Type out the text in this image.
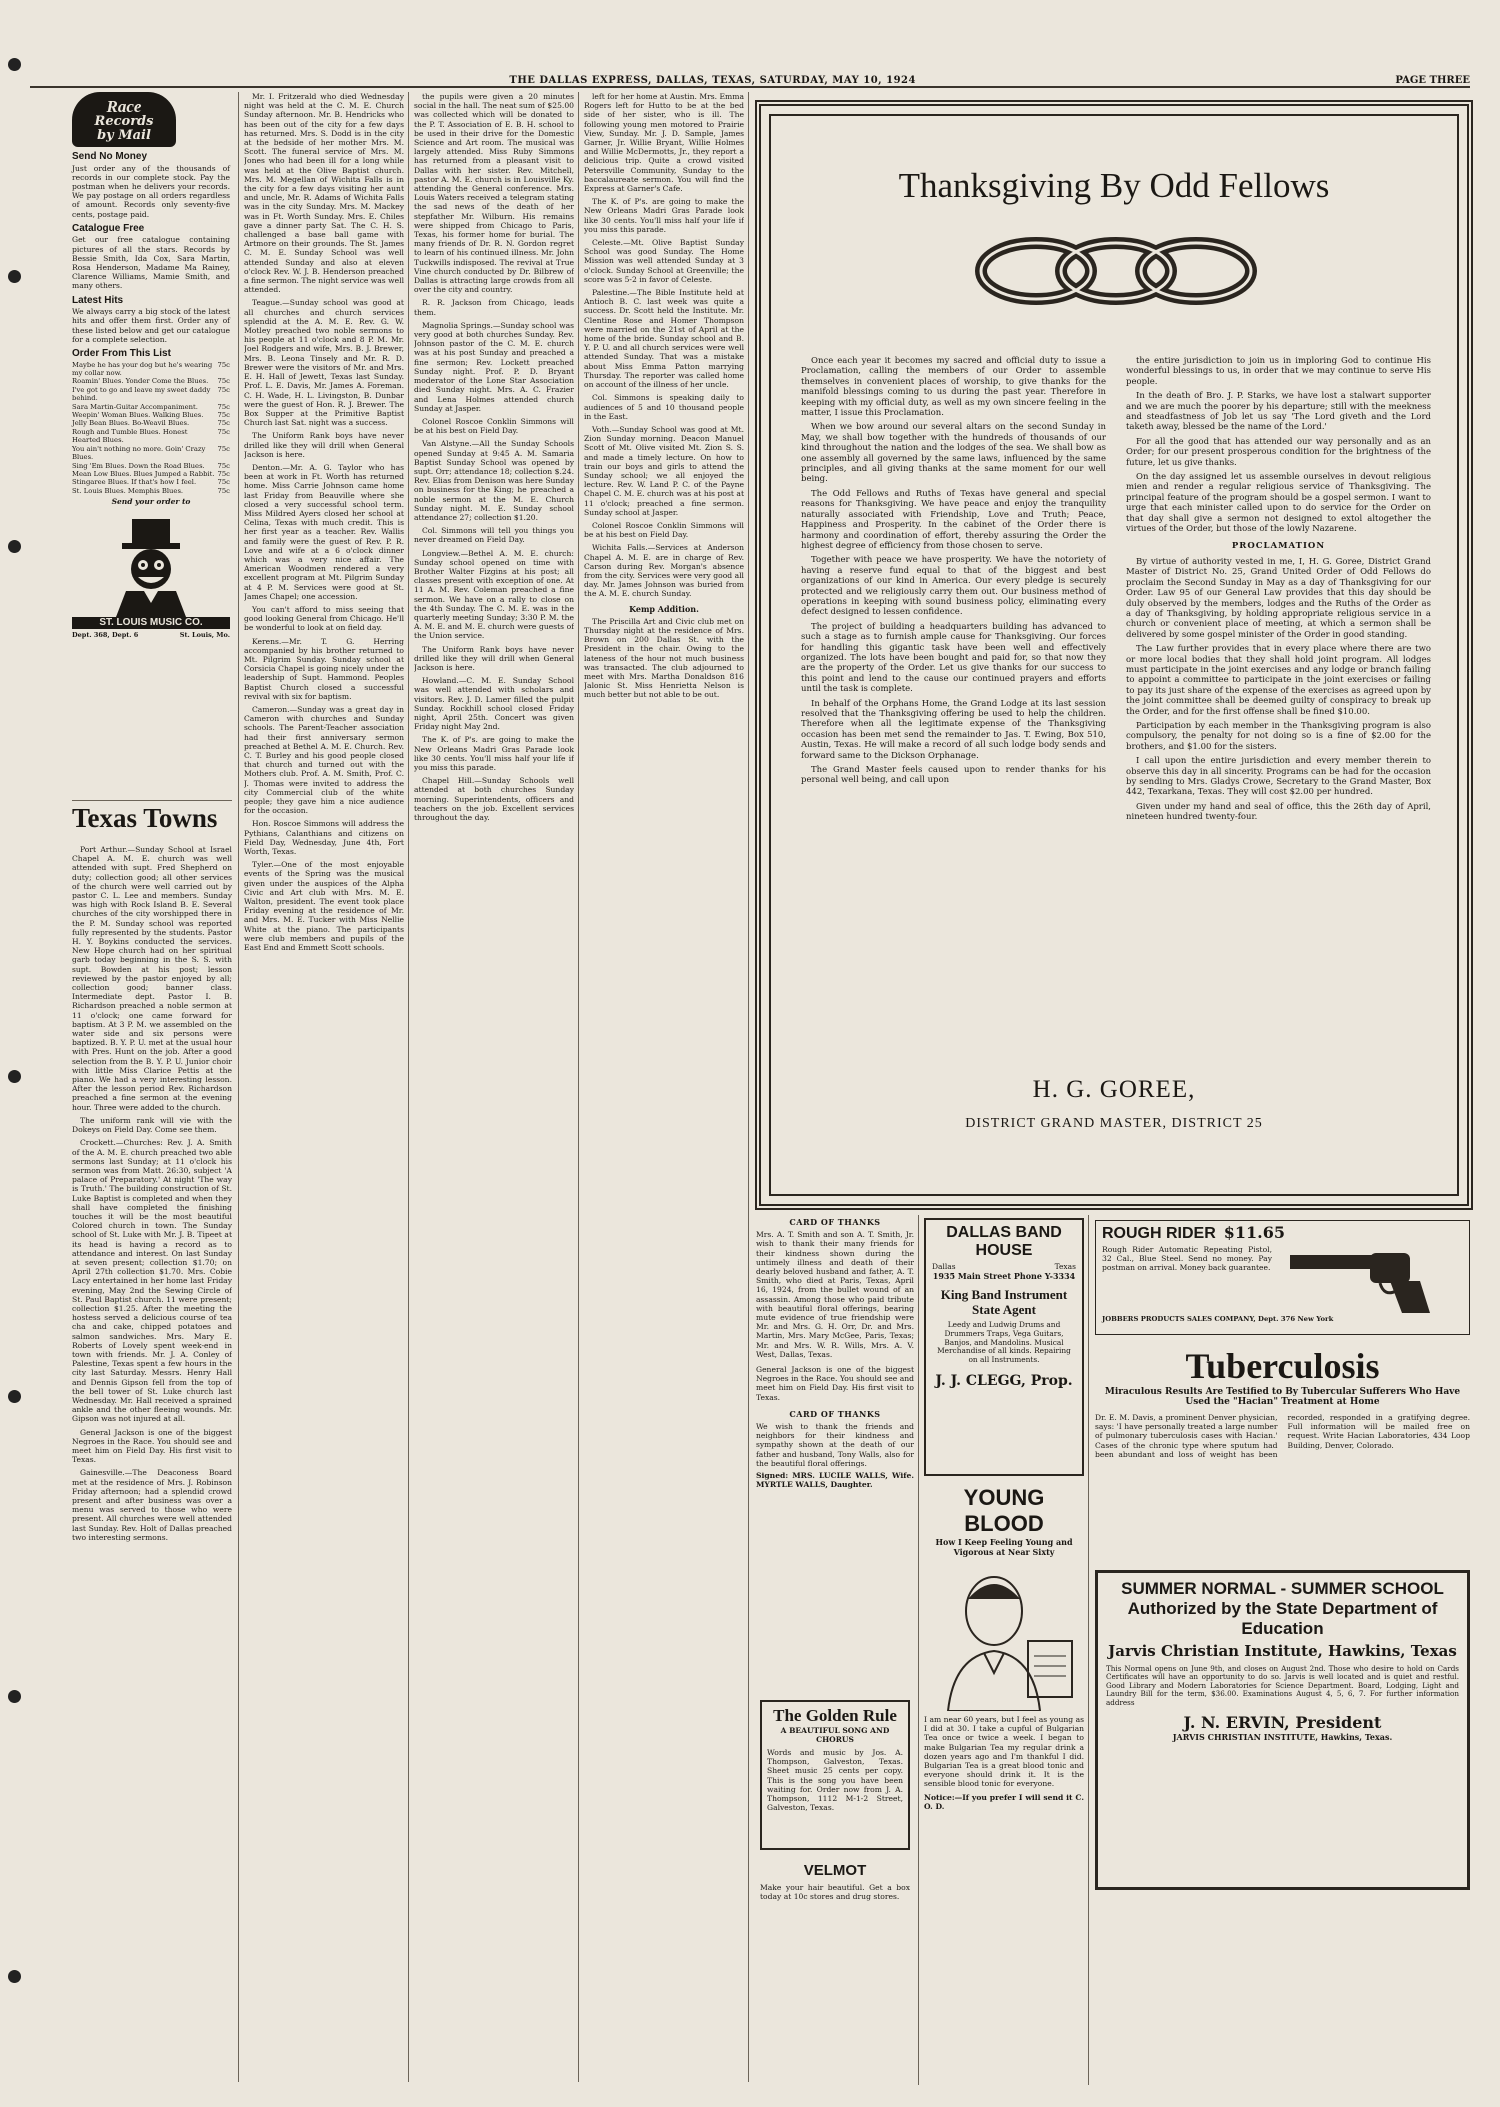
THE DALLAS EXPRESS, DALLAS, TEXAS, SATURDAY, MAY 10, 1924	PAGE THREE
Race
Records
by Mail
Send No Money
Just order any of the thousands of records in our complete stock. Pay the postman when he delivers your records. We pay postage on all orders regardless of amount. Records only seventy-five cents, postage paid.
Catalogue Free
Get our free catalogue containing pictures of all the stars. Records by Bessie Smith, Ida Cox, Sara Martin, Rosa Henderson, Madame Ma Rainey, Clarence Williams, Mamie Smith, and many others.
Latest Hits
We always carry a big stock of the latest hits and offer them first. Order any of these listed below and get our catalogue for a complete selection.
Order From This List
Maybe he has your dog but he's wearing my collar now.
75c
Roamin' Blues. Yonder Come the Blues.	75c
I've got to go and leave my sweet daddy behind.
75c
Sara Martin-Guitar Accompaniment.	75c
Weepin' Woman Blues. Walking Blues.	75c
Jelly Bean Blues. Bo-Weavil Blues.	75c
Rough and Tumble Blues. Honest Hearted Blues.
75c
You ain't nothing no more. Goin' Crazy Blues.
75c
Sing 'Em Blues. Down the Road Blues.	75c
Mean Low Blues. Blues Jumped a Rabbit. 75c
Stingaree Blues. If that's how I feel.	75c
St. Louis Blues. Memphis Blues.	75c
Send your order to
ST. LOUIS MUSIC CO.
Dept. 368, Dept. 6	St. Louis, Mo.
Texas Towns

Port Arthur.—Sunday School at Israel Chapel A. M. E. church was well attended with supt. Fred Shepherd on duty; collection good; all other services of the church were well carried out by pastor C. L. Lee and members. Sunday was high with Rock Island B. E. Several churches of the city worshipped there in the P. M. Sunday school was reported fully represented by the students. Pastor H. Y. Boykins conducted the services. New Hope church had on her spiritual garb today beginning in the S. S. with supt. Bowden at his post; lesson reviewed by the pastor enjoyed by all; collection good; banner class. Intermediate dept. Pastor I. B. Richardson preached a noble sermon at 11 o'clock; one came forward for baptism. At 3 P. M. we assembled on the water side and six persons were baptized. B. Y. P. U. met at the usual hour with Pres. Hunt on the job. After a good selection from the B. Y. P. U. Junior choir with little Miss Clarice Pettis at the piano. We had a very interesting lesson. After the lesson period Rev. Richardson preached a fine sermon at the evening hour. Three were added to the church.

The uniform rank will vie with the Dokeys on Field Day. Come see them.

Crockett.—Churches: Rev. J. A. Smith of the A. M. E. church preached two able sermons last Sunday; at 11 o'clock his sermon was from Matt. 26:30, subject 'A palace of Preparatory.' At night 'The way is Truth.' The building construction of St. Luke Baptist is completed and when they shall have completed the finishing touches it will be the most beautiful Colored church in town. The Sunday school of St. Luke with Mr. J. B. Tipeet at its head is having a record as to attendance and interest. On last Sunday at seven present; collection $1.70; on April 27th collection $1.70. Mrs. Cobie Lacy entertained in her home last Friday evening, May 2nd the Sewing Circle of St. Paul Baptist church. 11 were present; collection $1.25. After the meeting the hostess served a delicious course of tea cha and cake, chipped potatoes and salmon sandwiches. Mrs. Mary E. Roberts of Lovely spent week-end in town with friends. Mr. J. A. Conley of Palestine, Texas spent a few hours in the city last Saturday. Messrs. Henry Hall and Dennis Gipson fell from the top of the bell tower of St. Luke church last Wednesday. Mr. Hall received a sprained ankle and the other fleeing wounds. Mr. Gipson was not injured at all.

General Jackson is one of the biggest Negroes in the Race. You should see and meet him on Field Day. His first visit to Texas.

Gainesville.—The Deaconess Board met at the residence of Mrs. J. Robinson Friday afternoon; had a splendid crowd present and after business was over a menu was served to those who were present. All churches were well attended last Sunday. Rev. Holt of Dallas preached two interesting sermons.

Mr. I. Fritzerald who died Wednesday night was held at the C. M. E. Church Sunday afternoon. Mr. B. Hendricks who has been out of the city for a few days has returned. Mrs. S. Dodd is in the city at the bedside of her mother Mrs. M. Scott. The funeral service of Mrs. M. Jones who had been ill for a long while was held at the Olive Baptist church. Mrs. M. Megellan of Wichita Falls is in the city for a few days visiting her aunt and uncle, Mr. R. Adams of Wichita Falls was in the city Sunday. Mrs. M. Mackey was in Ft. Worth Sunday. Mrs. E. Chiles gave a dinner party Sat. The C. H. S. challenged a base ball game with Artmore on their grounds. The St. James C. M. E. Sunday School was well attended Sunday and also at eleven o'clock Rev. W. J. B. Henderson preached a fine sermon. The night service was well attended.

Teague.—Sunday school was good at all churches and church services splendid at the A. M. E. Rev. G. W. Motley preached two noble sermons to his people at 11 o'clock and 8 P. M. Mr. Joel Rodgers and wife, Mrs. B. J. Brewer, Mrs. B. Leona Tinsely and Mr. R. D. Brewer were the visitors of Mr. and Mrs. E. H. Hall of Jewett, Texas last Sunday. Prof. L. E. Davis, Mr. James A. Foreman. C. H. Wade, H. L. Livingston, B. Dunbar were the guest of Hon. R. J. Brewer. The Box Supper at the Primitive Baptist Church last Sat. night was a success.

The Uniform Rank boys have never drilled like they will drill when General Jackson is here.

Denton.—Mr. A. G. Taylor who has been at work in Ft. Worth has returned home. Miss Carrie Johnson came home last Friday from Beauville where she closed a very successful school term. Miss Mildred Ayers closed her school at Celina, Texas with much credit. This is her first year as a teacher. Rev. Wallis and family were the guest of Rev. P. R. Love and wife at a 6 o'clock dinner which was a very nice affair. The American Woodmen rendered a very excellent program at Mt. Pilgrim Sunday at 4 P. M. Services were good at St. James Chapel; one accession.

You can't afford to miss seeing that good looking General from Chicago. He'll be wonderful to look at on field day.

Kerens.—Mr. T. G. Herring accompanied by his brother returned to Mt. Pilgrim Sunday. Sunday school at Corsicia Chapel is going nicely under the leadership of Supt. Hammond. Peoples Baptist Church closed a successful revival with six for baptism.

Cameron.—Sunday was a great day in Cameron with churches and Sunday schools. The Parent-Teacher association had their first anniversary sermon preached at Bethel A. M. E. Church. Rev. C. T. Burley and his good people closed that church and turned out with the Mothers club. Prof. A. M. Smith, Prof. C. J. Thomas were invited to address the city Commercial club of the white people; they gave him a nice audience for the occasion.

Hon. Roscoe Simmons will address the Pythians, Calanthians and citizens on Field Day, Wednesday, June 4th, Fort Worth, Texas.

Tyler.—One of the most enjoyable events of the Spring was the musical given under the auspices of the Alpha Civic and Art club with Mrs. M. E. Walton, president. The event took place Friday evening at the residence of Mr. and Mrs. M. E. Tucker with Miss Nellie White at the piano. The participants were club members and pupils of the East End and Emmett Scott schools.

the pupils were given a 20 minutes social in the hall. The neat sum of $25.00 was collected which will be donated to the P. T. Association of E. B. H. school to be used in their drive for the Domestic Science and Art room. The musical was largely attended. Miss Ruby Simmons has returned from a pleasant visit to Dallas with her sister. Rev. Mitchell, pastor A. M. E. church is in Louisville Ky. attending the General conference. Mrs. Louis Waters received a telegram stating the sad news of the death of her stepfather Mr. Wilburn. His remains were shipped from Chicago to Paris, Texas, his former home for burial. The many friends of Dr. R. N. Gordon regret to learn of his continued illness. Mr. John Tuckwills indisposed. The revival at True Vine church conducted by Dr. Bilbrew of Dallas is attracting large crowds from all over the city and country.

R. R. Jackson from Chicago, leads them.

Magnolia Springs.—Sunday school was very good at both churches Sunday. Rev. Johnson pastor of the C. M. E. church was at his post Sunday and preached a fine sermon; Rev. Lockett preached Sunday night. Prof. P. D. Bryant moderator of the Lone Star Association died Sunday night. Mrs. A. C. Frazier and Lena Holmes attended church Sunday at Jasper.

Colonel Roscoe Conklin Simmons will be at his best on Field Day.

Van Alstyne.—All the Sunday Schools opened Sunday at 9:45 A. M. Samaria Baptist Sunday School was opened by supt. Orr; attendance 18; collection $.24. Rev. Elias from Denison was here Sunday on business for the King; he preached a noble sermon at the M. E. Church Sunday night. M. E. Sunday school attendance 27; collection $1.20.

Col. Simmons will tell you things you never dreamed on Field Day.

Longview.—Bethel A. M. E. church: Sunday school opened on time with Brother Walter Fizgins at his post; all classes present with exception of one. At 11 A. M. Rev. Coleman preached a fine sermon. We have on a rally to close on the 4th Sunday. The C. M. E. was in the quarterly meeting Sunday; 3:30 P. M. the A. M. E. and M. E. church were guests of the Union service.

The Uniform Rank boys have never drilled like they will drill when General Jackson is here.

Howland.—C. M. E. Sunday School was well attended with scholars and visitors. Rev. J. D. Lamer filled the pulpit Sunday. Rockhill school closed Friday night, April 25th. Concert was given Friday night May 2nd.

The K. of P's. are going to make the New Orleans Madri Gras Parade look like 30 cents. You'll miss half your life if you miss this parade.

Chapel Hill.—Sunday Schools well attended at both churches Sunday morning. Superintendents, officers and teachers on the job. Excellent services throughout the day.

left for her home at Austin. Mrs. Emma Rogers left for Hutto to be at the bed side of her sister, who is ill. The following young men motored to Prairie View, Sunday. Mr. J. D. Sample, James Garner, Jr. Willie Bryant, Willie Holmes and Willie McDermotts, Jr., they report a delicious trip. Quite a crowd visited Petersville Community, Sunday to the baccalaureate sermon. You will find the Express at Garner's Cafe.

The K. of P's. are going to make the New Orleans Madri Gras Parade look like 30 cents. You'll miss half your life if you miss this parade.

Celeste.—Mt. Olive Baptist Sunday School was good Sunday. The Home Mission was well attended Sunday at 3 o'clock. Sunday School at Greenville; the score was 5-2 in favor of Celeste.

Palestine.—The Bible Institute held at Antioch B. C. last week was quite a success. Dr. Scott held the Institute. Mr. Clentine Rose and Homer Thompson were married on the 21st of April at the home of the bride. Sunday school and B. Y. P. U. and all church services were well attended Sunday. That was a mistake about Miss Emma Patton marrying Thursday. The reporter was called home on account of the illness of her uncle.

Col. Simmons is speaking daily to audiences of 5 and 10 thousand people in the East.

Voth.—Sunday School was good at Mt. Zion Sunday morning. Deacon Manuel Scott of Mt. Olive visited Mt. Zion S. S. and made a timely lecture. On how to train our boys and girls to attend the Sunday school; we all enjoyed the lecture. Rev. W. Land P. C. of the Payne Chapel C. M. E. church was at his post at 11 o'clock; preached a fine sermon. Sunday school at Jasper.

Colonel Roscoe Conklin Simmons will be at his best on Field Day.

Wichita Falls.—Services at Anderson Chapel A. M. E. are in charge of Rev. Carson during Rev. Morgan's absence from the city. Services were very good all day. Mr. James Johnson was buried from the A. M. E. church Sunday.

Kemp Addition.

The Priscilla Art and Civic club met on Thursday night at the residence of Mrs. Brown on 200 Dallas St. with the President in the chair. Owing to the lateness of the hour not much business was transacted. The club adjourned to meet with Mrs. Martha Donaldson 816 Jalonic St. Miss Henrietta Nelson is much better but not able to be out.

Thanksgiving By Odd Fellows

Once each year it becomes my sacred and official duty to issue a Proclamation, calling the members of our Order to assemble themselves in convenient places of worship, to give thanks for the manifold blessings coming to us during the past year. Therefore in keeping with my official duty, as well as my own sincere feeling in the matter, I issue this Proclamation.

When we bow around our several altars on the second Sunday in May, we shall bow together with the hundreds of thousands of our kind throughout the nation and the lodges of the sea. We shall bow as one assembly all governed by the same laws, influenced by the same principles, and all giving thanks at the same moment for our well being.

The Odd Fellows and Ruths of Texas have general and special reasons for Thanksgiving. We have peace and enjoy the tranquility naturally associated with Friendship, Love and Truth; Peace, Happiness and Prosperity. In the cabinet of the Order there is harmony and coordination of effort, thereby assuring the Order the highest degree of efficiency from those chosen to serve.

Together with peace we have prosperity. We have the notoriety of having a reserve fund equal to that of the biggest and best organizations of our kind in America. Our every pledge is securely protected and we religiously carry them out. Our business method of operations in keeping with sound business policy, eliminating every defect designed to lessen confidence.

The project of building a headquarters building has advanced to such a stage as to furnish ample cause for Thanksgiving. Our forces for handling this gigantic task have been well and effectively organized. The lots have been bought and paid for, so that now they are the property of the Order. Let us give thanks for our success to this point and lend to the cause our continued prayers and efforts until the task is complete.

In behalf of the Orphans Home, the Grand Lodge at its last session resolved that the Thanksgiving offering be used to help the children. Therefore when all the legitimate expense of the Thanksgiving occasion has been met send the remainder to Jas. T. Ewing, Box 510, Austin, Texas. He will make a record of all such lodge body sends and forward same to the Dickson Orphanage.

The Grand Master feels caused upon to render thanks for his personal well being, and call upon

the entire jurisdiction to join us in imploring God to continue His wonderful blessings to us, in order that we may continue to serve His people.

In the death of Bro. J. P. Starks, we have lost a stalwart supporter and we are much the poorer by his departure; still with the meekness and steadfastness of Job let us say 'The Lord giveth and the Lord taketh away, blessed be the name of the Lord.'

For all the good that has attended our way personally and as an Order; for our present prosperous condition for the brightness of the future, let us give thanks.

On the day assigned let us assemble ourselves in devout religious mien and render a regular religious service of Thanksgiving. The principal feature of the program should be a gospel sermon. I want to urge that each minister called upon to do service for the Order on that day shall give a sermon not designed to extol altogether the virtues of the Order, but those of the lowly Nazarene.

PROCLAMATION

By virtue of authority vested in me, I, H. G. Goree, District Grand Master of District No. 25, Grand United Order of Odd Fellows do proclaim the Second Sunday in May as a day of Thanksgiving for our Order. Law 95 of our General Law provides that this day should be duly observed by the members, lodges and the Ruths of the Order as a day of Thanksgiving, by holding appropriate religious service in a church or convenient place of meeting, at which a sermon shall be delivered by some gospel minister of the Order in good standing.

The Law further provides that in every place where there are two or more local bodies that they shall hold joint program. All lodges must participate in the joint exercises and any lodge or branch failing to appoint a committee to participate in the joint exercises or failing to pay its just share of the expense of the exercises as agreed upon by the joint committee shall be deemed guilty of conspiracy to break up the Order, and for the first offense shall be fined $10.00.

Participation by each member in the Thanksgiving program is also compulsory, the penalty for not doing so is a fine of $2.00 for the brothers, and $1.00 for the sisters.

I call upon the entire jurisdiction and every member therein to observe this day in all sincerity. Programs can be had for the occasion by sending to Mrs. Gladys Crowe, Secretary to the Grand Master, Box 442, Texarkana, Texas. They will cost $2.00 per hundred.

Given under my hand and seal of office, this the 26th day of April, nineteen hundred twenty-four.

H. G. GOREE,
DISTRICT GRAND MASTER, DISTRICT 25
CARD OF THANKS
Mrs. A. T. Smith and son A. T. Smith, Jr. wish to thank their many friends for their kindness shown during the untimely illness and death of their dearly beloved husband and father, A. T. Smith, who died at Paris, Texas, April 16, 1924, from the bullet wound of an assassin. Among those who paid tribute with beautiful floral offerings, bearing mute evidence of true friendship were Mr. and Mrs. G. H. Orr, Dr. and Mrs. Martin, Mrs. Mary McGee, Paris, Texas; Mr. and Mrs. W. R. Wills, Mrs. A. V. West, Dallas, Texas.
General Jackson is one of the biggest Negroes in the Race. You should see and meet him on Field Day. His first visit to Texas.
CARD OF THANKS
We wish to thank the friends and neighbors for their kindness and sympathy shown at the death of our father and husband, Tony Walls, also for the beautiful floral offerings.
Signed: MRS. LUCILE WALLS, Wife. MYRTLE WALLS, Daughter.
The Golden Rule
A BEAUTIFUL SONG AND CHORUS
Words and music by Jos. A. Thompson, Galveston, Texas. Sheet music 25 cents per copy. This is the song you have been waiting for. Order now from J. A. Thompson, 1112 M-1-2 Street, Galveston, Texas.
VELMOT
Make your hair beautiful. Get a box today at 10c stores and drug stores.
DALLAS BAND HOUSE
Dallas	Texas
1935 Main Street Phone Y-3334
King Band Instrument State Agent
Leedy and Ludwig Drums and Drummers Traps, Vega Guitars, Banjos, and Mandolins. Musical Merchandise of all kinds. Repairing on all Instruments.
J. J. CLEGG, Prop.
YOUNG BLOOD
How I Keep Feeling Young and Vigorous at Near Sixty
I am near 60 years, but I feel as young as I did at 30. I take a cupful of Bulgarian Tea once or twice a week. I began to make Bulgarian Tea my regular drink a dozen years ago and I'm thankful I did. Bulgarian Tea is a great blood tonic and everyone should drink it. It is the sensible blood tonic for everyone.
Notice:—If you prefer I will send it C. O. D.
ROUGH RIDER $11.65
Rough Rider Automatic Repeating Pistol, 32 Cal., Blue Steel. Send no money. Pay postman on arrival. Money back guarantee.
JOBBERS PRODUCTS SALES COMPANY, Dept. 376 New York
Tuberculosis
Miraculous Results Are Testified to By Tubercular Sufferers Who Have Used the "Hacian" Treatment at Home
Dr. E. M. Davis, a prominent Denver physician, says: 'I have personally treated a large number of pulmonary tuberculosis cases with Hacian.' Cases of the chronic type where sputum had been abundant and loss of weight has been recorded, responded in a gratifying degree. Full information will be mailed free on request. Write Hacian Laboratories, 434 Loop Building, Denver, Colorado.
SUMMER NORMAL - SUMMER SCHOOL
Authorized by the State Department of Education
Jarvis Christian Institute, Hawkins, Texas
This Normal opens on June 9th, and closes on August 2nd. Those who desire to hold on Cards Certificates will have an opportunity to do so. Jarvis is well located and is quiet and restful. Good Library and Modern Laboratories for Science Department. Board, Lodging, Light and Laundry Bill for the term, $36.00. Examinations August 4, 5, 6, 7. For further information address
J. N. ERVIN, President
JARVIS CHRISTIAN INSTITUTE, Hawkins, Texas.
